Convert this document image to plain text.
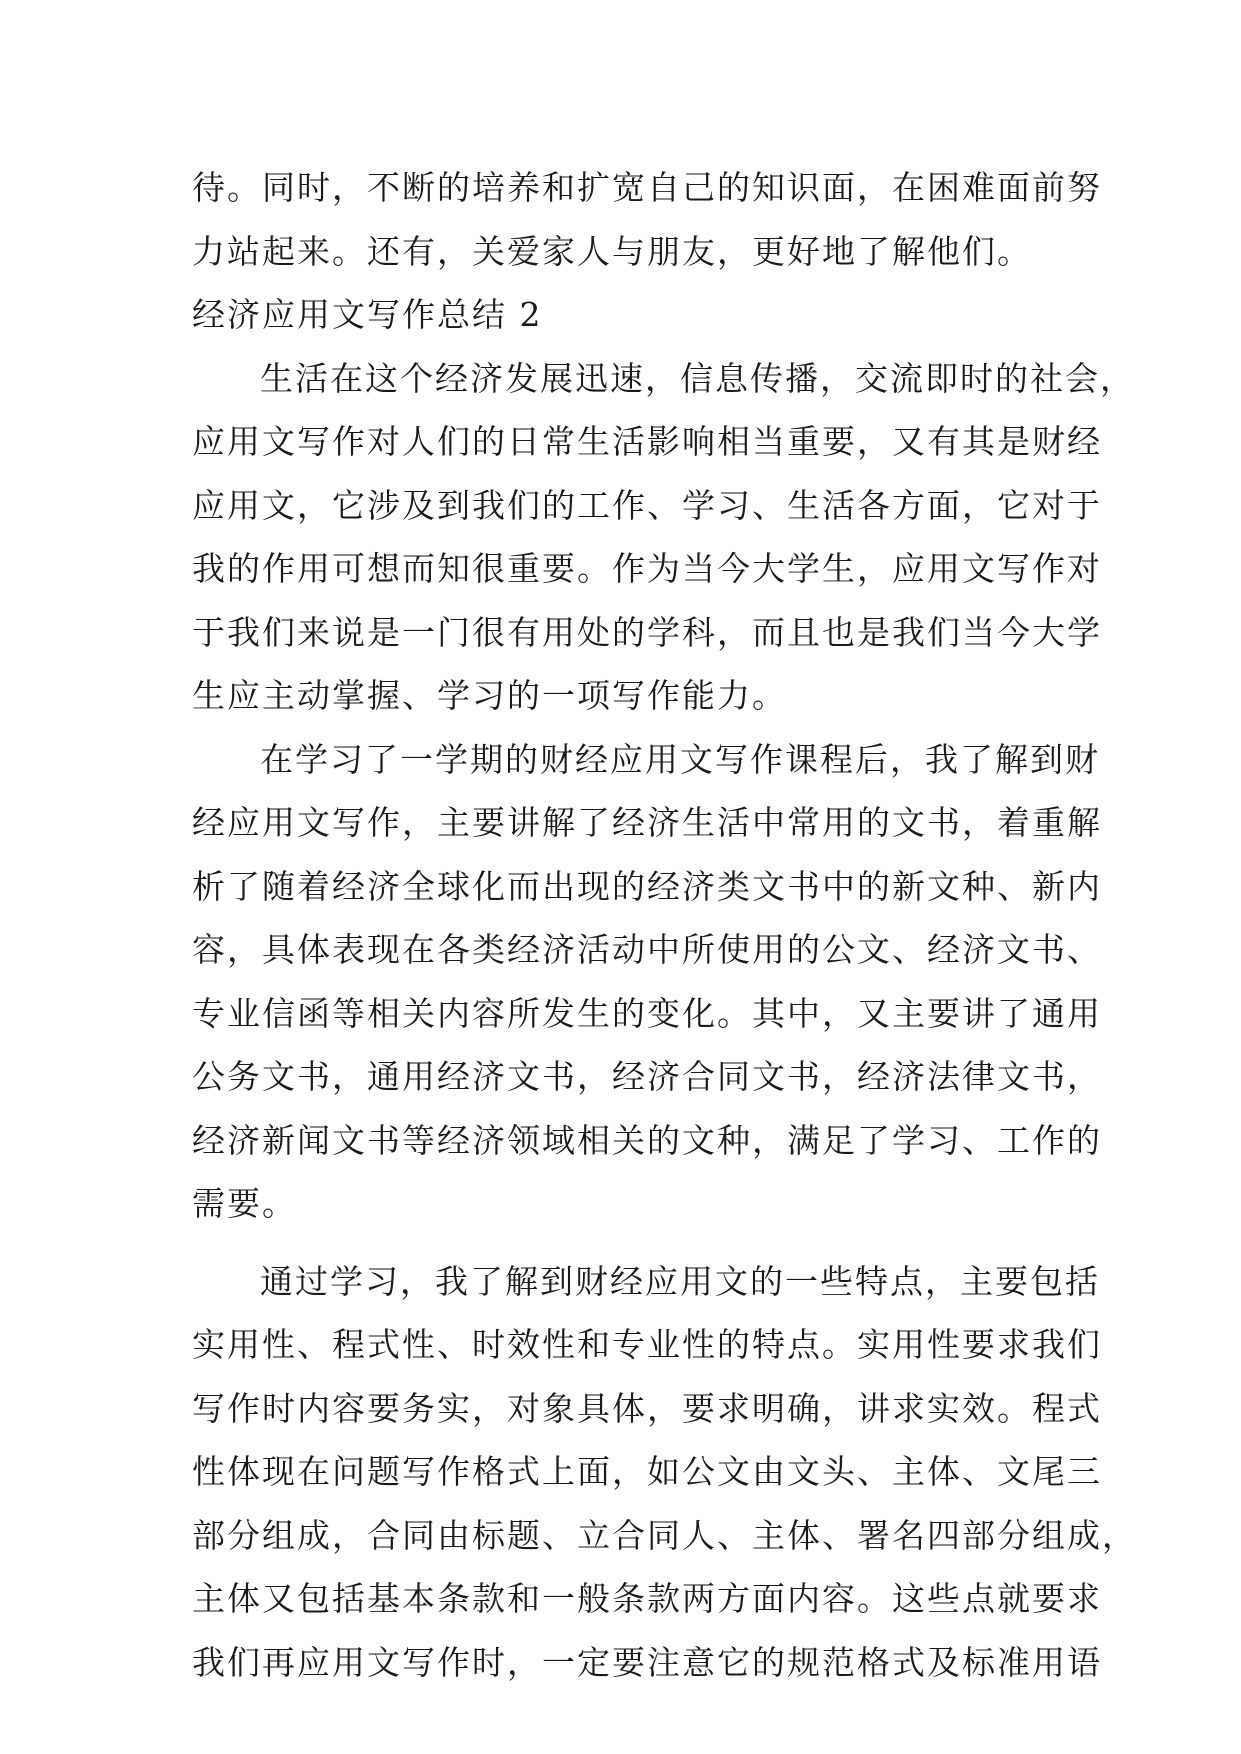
待。同时，不断的培养和扩宽自己的知识面，在困难面前努
力站起来。还有，关爱家人与朋友，更好地了解他们。
经济应用文写作总结 2
生活在这个经济发展迅速，信息传播，交流即时的社会，
应用文写作对人们的日常生活影响相当重要，又有其是财经
应用文，它涉及到我们的工作、学习、生活各方面，它对于
我的作用可想而知很重要。作为当今大学生，应用文写作对
于我们来说是一门很有用处的学科，而且也是我们当今大学
生应主动掌握、学习的一项写作能力。
在学习了一学期的财经应用文写作课程后，我了解到财
经应用文写作，主要讲解了经济生活中常用的文书，着重解
析了随着经济全球化而出现的经济类文书中的新文种、新内
容，具体表现在各类经济活动中所使用的公文、经济文书、
专业信函等相关内容所发生的变化。其中，又主要讲了通用
公务文书，通用经济文书，经济合同文书，经济法律文书，
经济新闻文书等经济领域相关的文种，满足了学习、工作的
需要。
通过学习，我了解到财经应用文的一些特点，主要包括
实用性、程式性、时效性和专业性的特点。实用性要求我们
写作时内容要务实，对象具体，要求明确，讲求实效。程式
性体现在问题写作格式上面，如公文由文头、主体、文尾三
部分组成，合同由标题、立合同人、主体、署名四部分组成，
主体又包括基本条款和一般条款两方面内容。这些点就要求
我们再应用文写作时，一定要注意它的规范格式及标准用语
